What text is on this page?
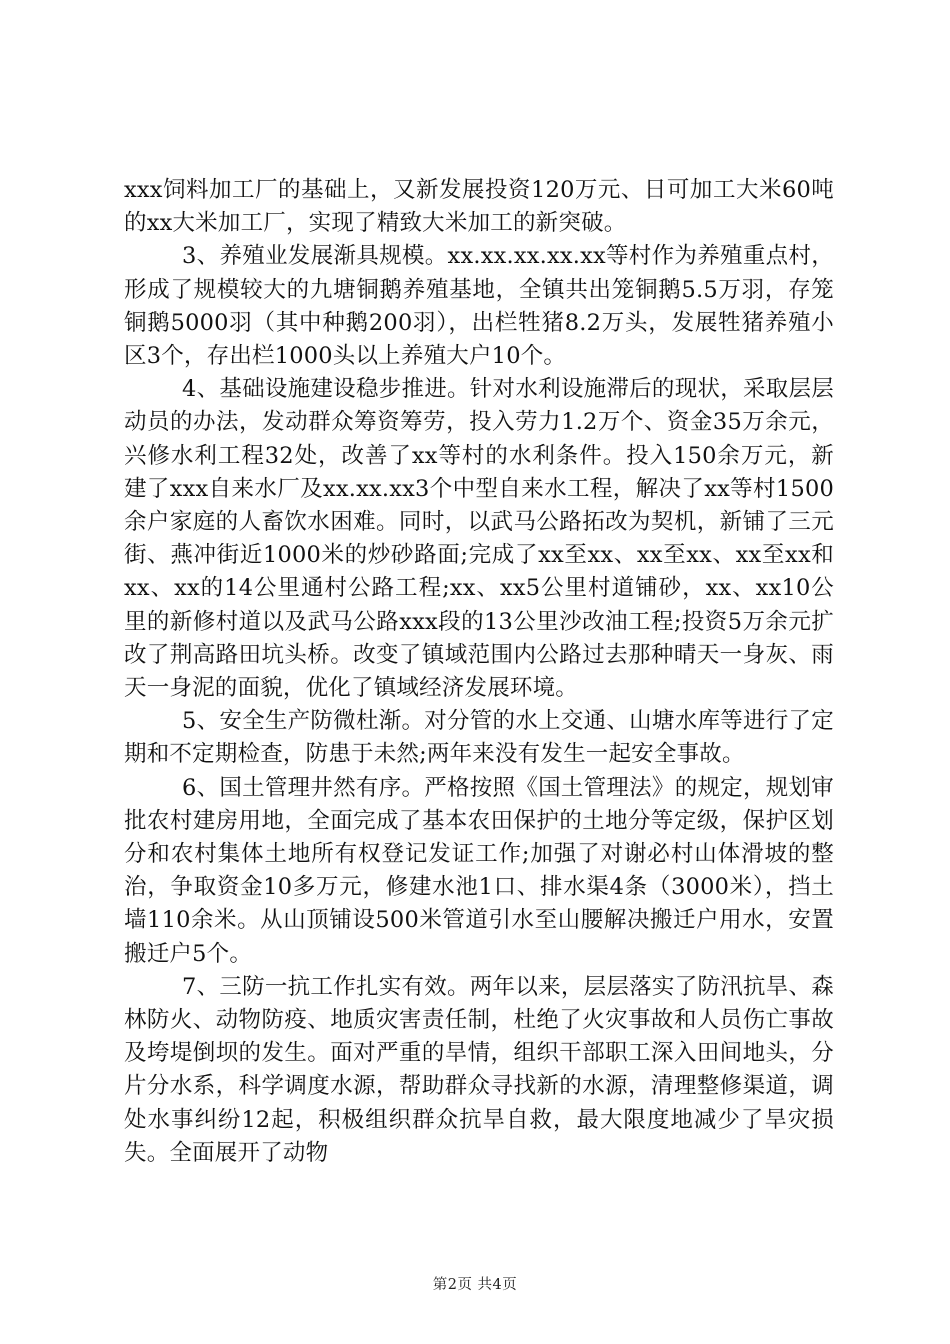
xxx饲料加工厂的基础上，又新发展投资120万元、日可加工大米60吨的xx大米加工厂，实现了精致大米加工的新突破。

3、养殖业发展渐具规模。xx.xx.xx.xx.xx等村作为养殖重点村，形成了规模较大的九塘铜鹅养殖基地，全镇共出笼铜鹅5.5万羽，存笼铜鹅5000羽（其中种鹅200羽），出栏牲猪8.2万头，发展牲猪养殖小区3个，存出栏1000头以上养殖大户10个。

4、基础设施建设稳步推进。针对水利设施滞后的现状，采取层层动员的办法，发动群众筹资筹劳，投入劳力1.2万个、资金35万余元，兴修水利工程32处，改善了xx等村的水利条件。投入150余万元，新建了xxx自来水厂及xx.xx.xx3个中型自来水工程，解决了xx等村1500余户家庭的人畜饮水困难。同时，以武马公路拓改为契机，新铺了三元街、燕冲街近1000米的炒砂路面;完成了xx至xx、xx至xx、xx至xx和xx、xx的14公里通村公路工程;xx、xx5公里村道铺砂，xx、xx10公里的新修村道以及武马公路xxx段的13公里沙改油工程;投资5万余元扩改了荆高路田坑头桥。改变了镇域范围内公路过去那种晴天一身灰、雨天一身泥的面貌，优化了镇域经济发展环境。

5、安全生产防微杜渐。对分管的水上交通、山塘水库等进行了定期和不定期检查，防患于未然;两年来没有发生一起安全事故。

6、国土管理井然有序。严格按照《国土管理法》的规定，规划审批农村建房用地，全面完成了基本农田保护的土地分等定级，保护区划分和农村集体土地所有权登记发证工作;加强了对谢必村山体滑坡的整治，争取资金10多万元，修建水池1口、排水渠4条（3000米），挡土墙110余米。从山顶铺设500米管道引水至山腰解决搬迁户用水，安置搬迁户5个。

7、三防一抗工作扎实有效。两年以来，层层落实了防汛抗旱、森林防火、动物防疫、地质灾害责任制，杜绝了火灾事故和人员伤亡事故及垮堤倒坝的发生。面对严重的旱情，组织干部职工深入田间地头，分片分水系，科学调度水源，帮助群众寻找新的水源，清理整修渠道，调处水事纠纷12起，积极组织群众抗旱自救，最大限度地减少了旱灾损失。全面展开了动物

第2页 共4页
